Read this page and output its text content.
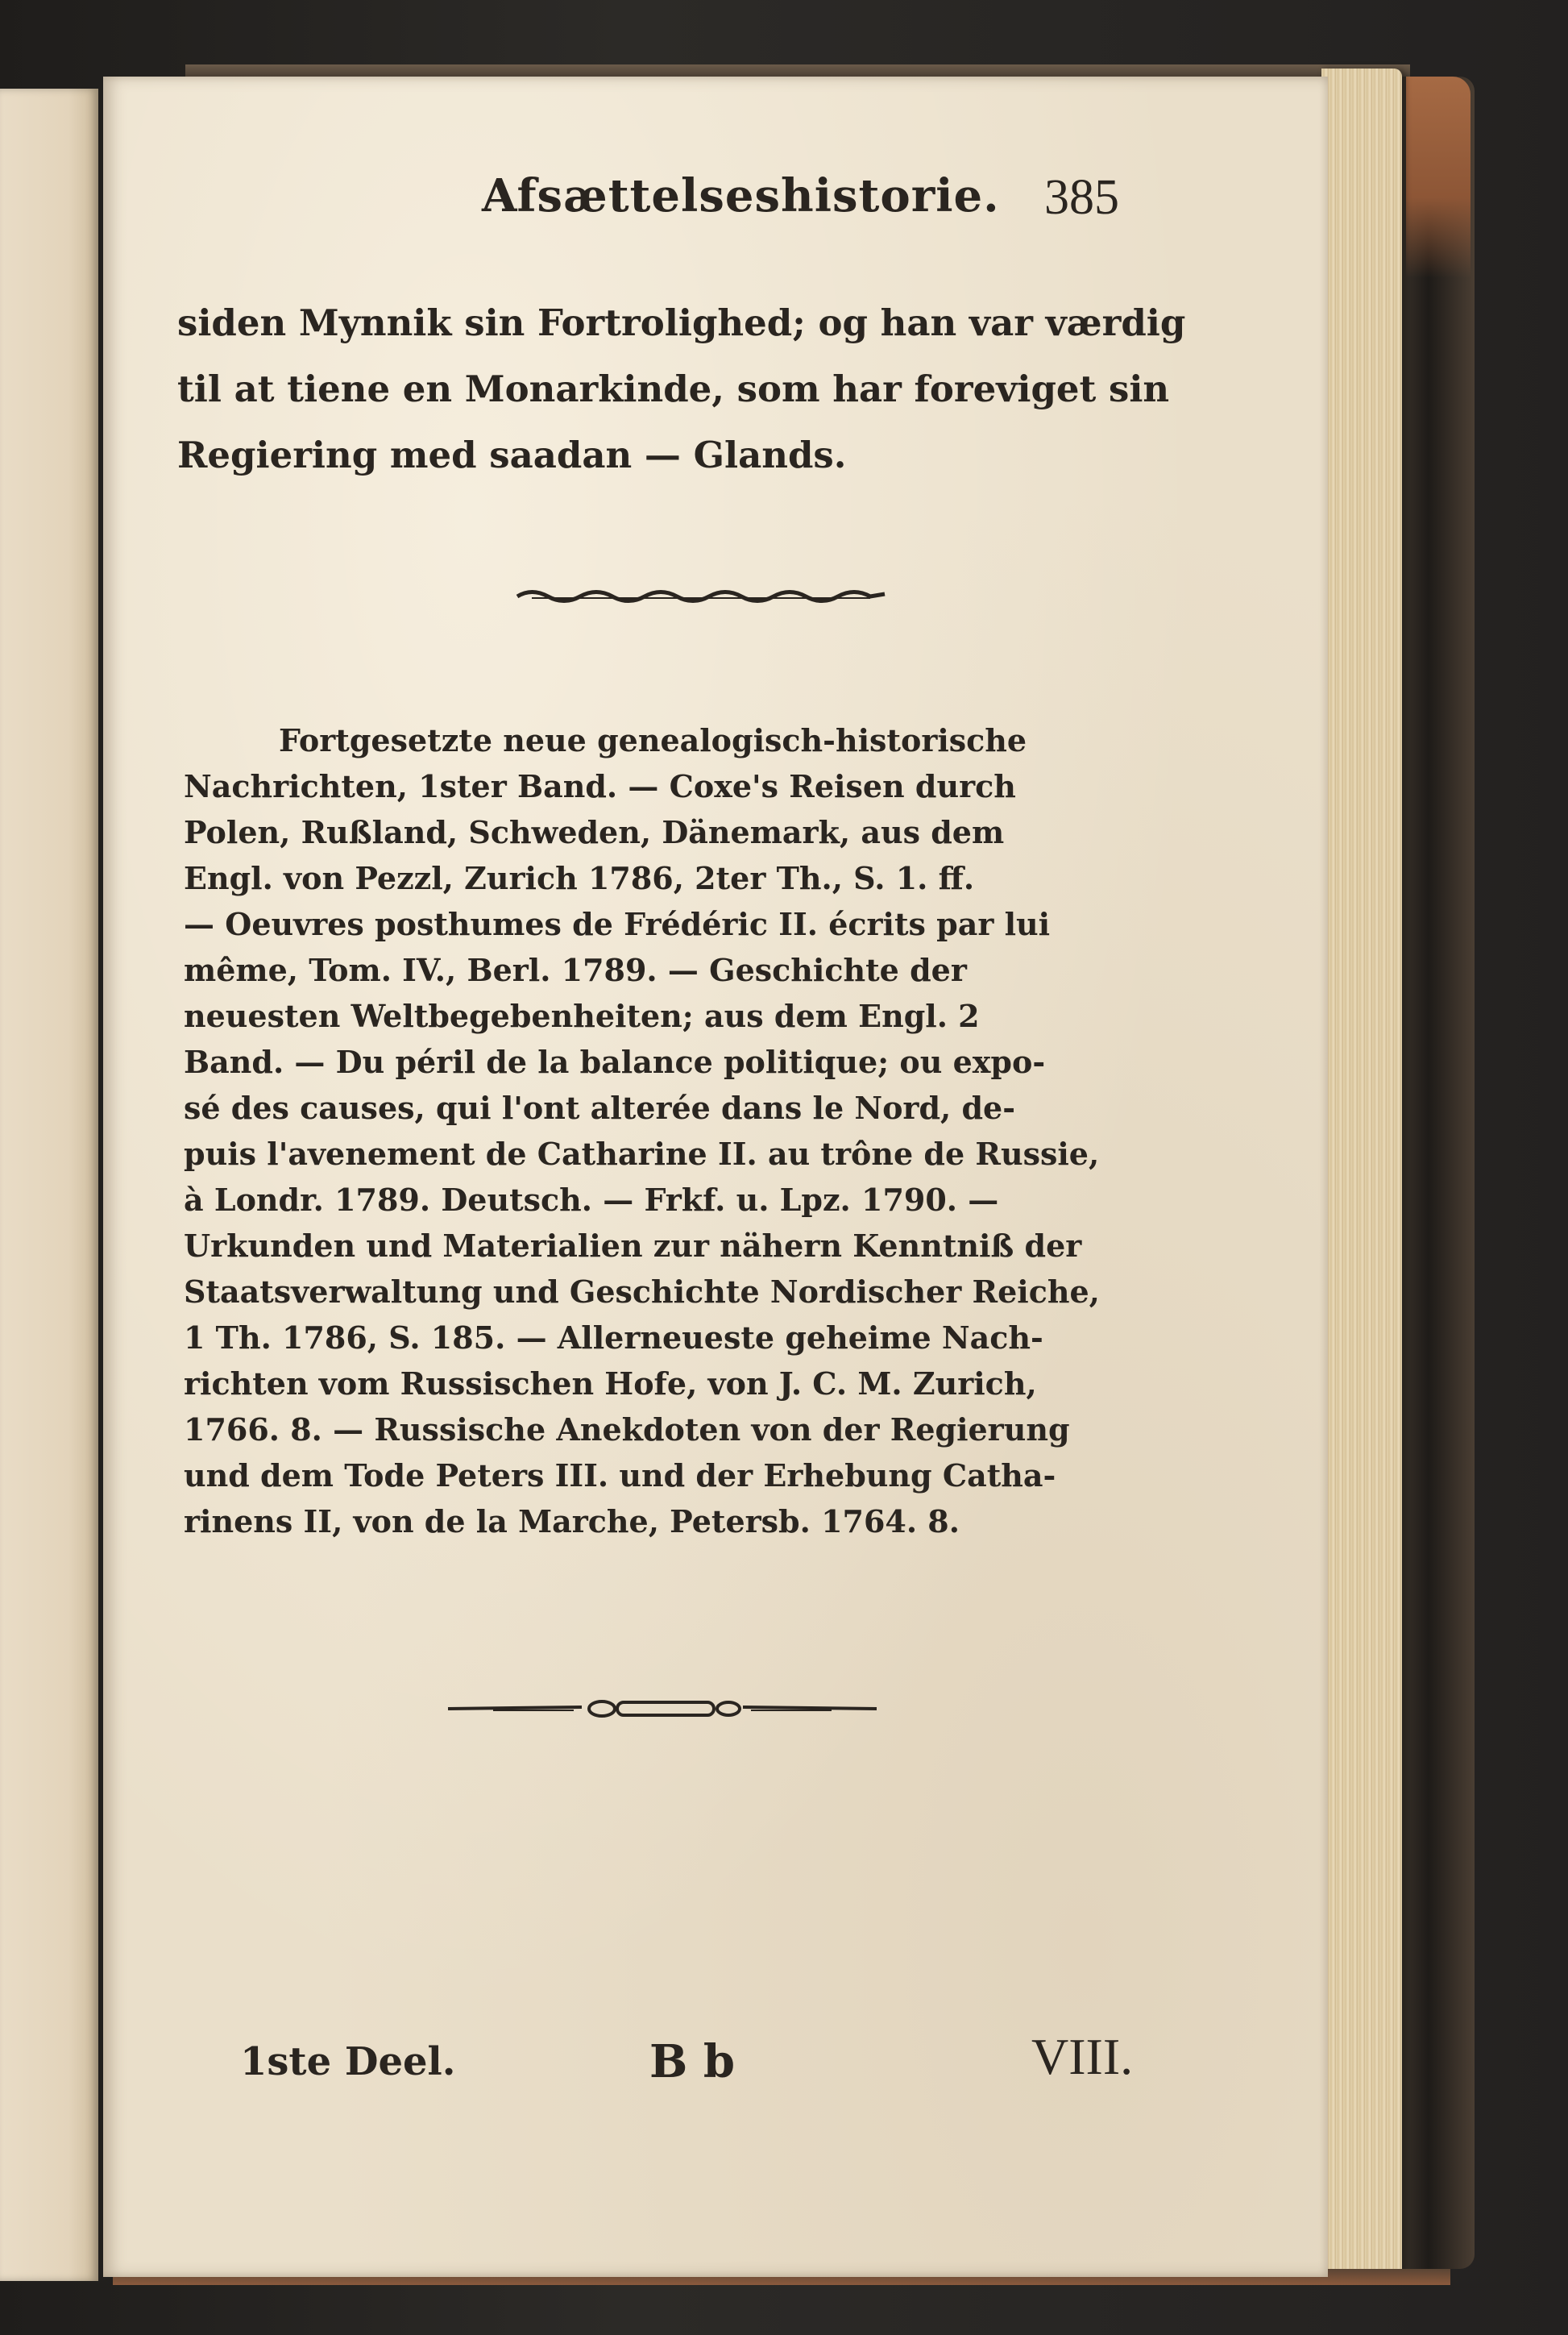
Afsættelseshistorie. 385
siden Mynnik sin Fortrolighed; og han var værdig
til at tiene en Monarkinde, som har foreviget sin
Regiering med saadan — Glands.
Fortgesetzte neue genealogisch-historische
Nachrichten, 1ster Band. — Coxe's Reisen durch
Polen, Rußland, Schweden, Dänemark, aus dem
Engl. von Pezzl, Zurich 1786, 2ter Th., S. 1. ff.
— Oeuvres posthumes de Frédéric II. écrits par lui
même, Tom. IV., Berl. 1789. — Geschichte der
neuesten Weltbegebenheiten; aus dem Engl. 2
Band. — Du péril de la balance politique; ou expo-
sé des causes, qui l'ont alterée dans le Nord, de-
puis l'avenement de Catharine II. au trône de Russie,
à Londr. 1789. Deutsch. — Frkf. u. Lpz. 1790. —
Urkunden und Materialien zur nähern Kenntniß der
Staatsverwaltung und Geschichte Nordischer Reiche,
1 Th. 1786, S. 185. — Allerneueste geheime Nach-
richten vom Russischen Hofe, von J. C. M. Zurich,
1766. 8. — Russische Anekdoten von der Regierung
und dem Tode Peters III. und der Erhebung Catha-
rinens II, von de la Marche, Petersb. 1764. 8.
1ste Deel.	B b	VIII.
